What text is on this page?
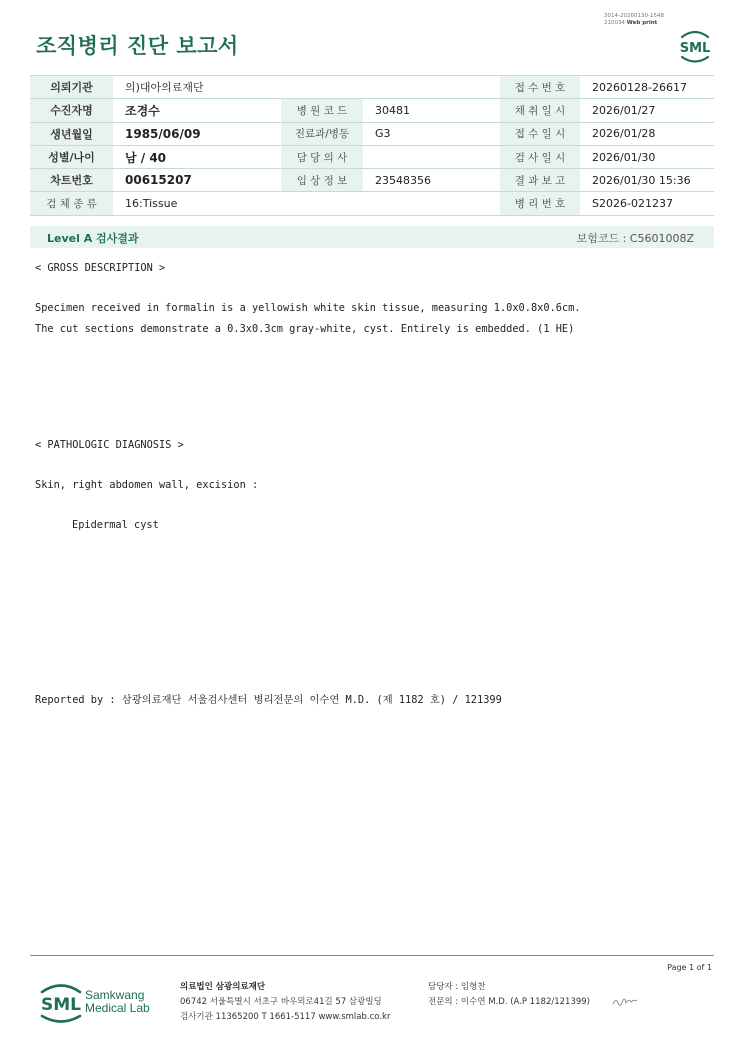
조직병리 진단 보고서
3014-20260130-1548
210034 Web print
SML
의뢰기관	의)대아의료재단			접 수 번 호	20260128-26617
수진자명	조경수	병 원 코 드	30481	채 취 일 시	2026/01/27
생년월일	1985/06/09	진료과/병동	G3	접 수 일 시	2026/01/28
성별/나이	남 / 40	담 당 의 사		검 사 일 시	2026/01/30
차트번호	00615207	임 상 정 보	23548356	결 과 보 고	2026/01/30 15:36
검 체 종 류	16:Tissue			병 리 번 호	S2026-021237
Level A 검사결과	보험코드 : C5601008Z
< GROSS DESCRIPTION >
Specimen received in formalin is a yellowish white skin tissue, measuring 1.0x0.8x0.6cm.
The cut sections demonstrate a 0.3x0.3cm gray-white, cyst. Entirely is embedded. (1 HE)
< PATHOLOGIC DIAGNOSIS >
Skin, right abdomen wall, excision :
Epidermal cyst
Reported by : 삼광의료재단 서울검사센터 병리전문의 이수연 M.D. (제 1182 호) / 121399
Page 1 of 1
SML Samkwang
Medical Lab
의료법인 삼광의료재단
06742 서울특별시 서초구 바우뫼로41길 57 삼광빌딩
검사기관 11365200 T 1661-5117 www.smlab.co.kr
담당자 : 임형찬
전문의 : 이수연 M.D. (A.P 1182/121399)
